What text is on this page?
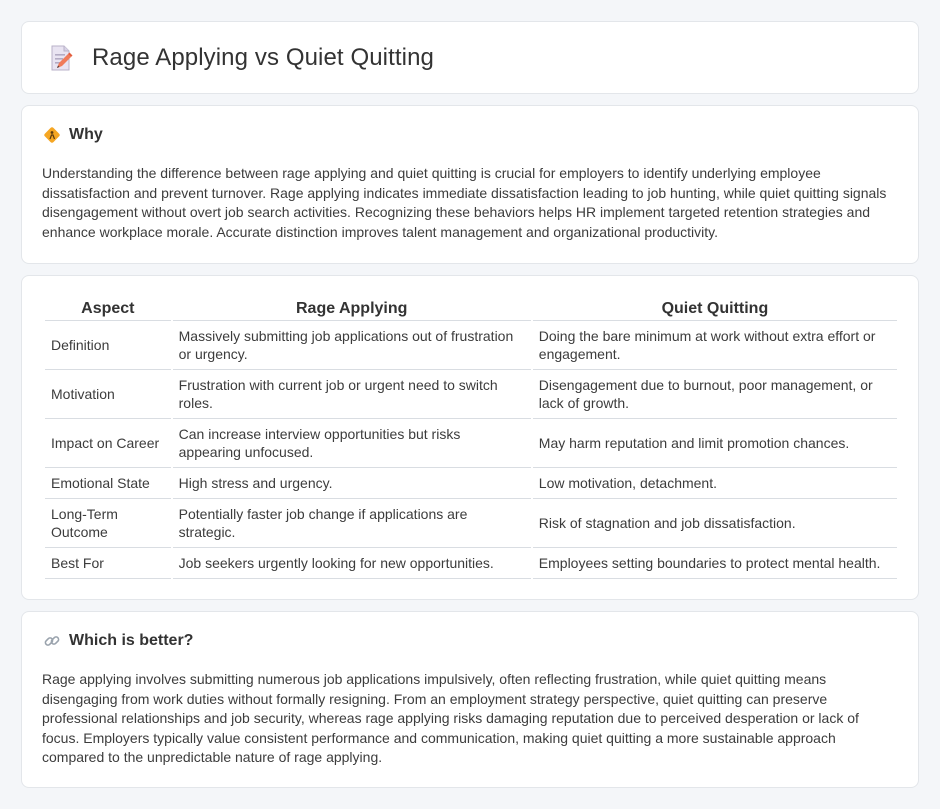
Rage Applying vs Quiet Quitting
Why

Understanding the difference between rage applying and quiet quitting is crucial for employers to identify underlying employee dissatisfaction and prevent turnover. Rage applying indicates immediate dissatisfaction leading to job hunting, while quiet quitting signals disengagement without overt job search activities. Recognizing these behaviors helps HR implement targeted retention strategies and enhance workplace morale. Accurate distinction improves talent management and organizational productivity.

Aspect	Rage Applying	Quiet Quitting
Definition	Massively submitting job applications out of frustration or urgency.	Doing the bare minimum at work without extra effort or engagement.
Motivation	Frustration with current job or urgent need to switch roles.	Disengagement due to burnout, poor management, or lack of growth.
Impact on Career	Can increase interview opportunities but risks appearing unfocused.	May harm reputation and limit promotion chances.
Emotional State	High stress and urgency.	Low motivation, detachment.
Long-Term Outcome	Potentially faster job change if applications are strategic.	Risk of stagnation and job dissatisfaction.
Best For	Job seekers urgently looking for new opportunities.	Employees setting boundaries to protect mental health.
Which is better?

Rage applying involves submitting numerous job applications impulsively, often reflecting frustration, while quiet quitting means disengaging from work duties without formally resigning. From an employment strategy perspective, quiet quitting can preserve professional relationships and job security, whereas rage applying risks damaging reputation due to perceived desperation or lack of focus. Employers typically value consistent performance and communication, making quiet quitting a more sustainable approach compared to the unpredictable nature of rage applying.
